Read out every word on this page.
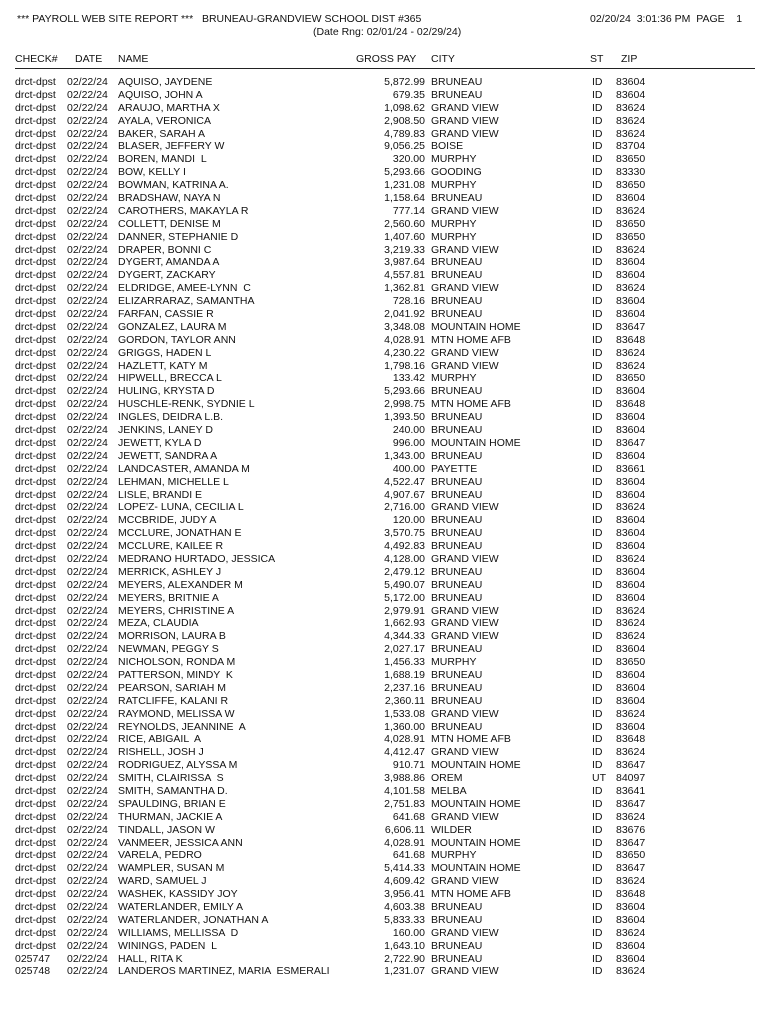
*** PAYROLL WEB SITE REPORT ***   BRUNEAU-GRANDVIEW SCHOOL DIST #365	02/20/24  3:01:36 PM  PAGE    1
(Date Rng: 02/01/24 - 02/29/24)
CHECK# DATE NAME	GROSS PAY CITY	ST ZIP
drct-dpst 02/22/24 AQUISO, JAYDENE	5,872.99 BRUNEAU	ID 83604
drct-dpst 02/22/24 AQUISO, JOHN A	679.35 BRUNEAU	ID 83604
drct-dpst 02/22/24 ARAUJO, MARTHA X	1,098.62 GRAND VIEW	ID 83624
drct-dpst 02/22/24 AYALA, VERONICA	2,908.50 GRAND VIEW	ID 83624
drct-dpst 02/22/24 BAKER, SARAH A	4,789.83 GRAND VIEW	ID 83624
drct-dpst 02/22/24 BLASER, JEFFERY W	9,056.25 BOISE	ID 83704
drct-dpst 02/22/24 BOREN, MANDI  L	320.00 MURPHY	ID 83650
drct-dpst 02/22/24 BOW, KELLY I	5,293.66 GOODING	ID 83330
drct-dpst 02/22/24 BOWMAN, KATRINA A.	1,231.08 MURPHY	ID 83650
drct-dpst 02/22/24 BRADSHAW, NAYA N	1,158.64 BRUNEAU	ID 83604
drct-dpst 02/22/24 CAROTHERS, MAKAYLA R	777.14 GRAND VIEW	ID 83624
drct-dpst 02/22/24 COLLETT, DENISE M	2,560.60 MURPHY	ID 83650
drct-dpst 02/22/24 DANNER, STEPHANIE D	1,407.60 MURPHY	ID 83650
drct-dpst 02/22/24 DRAPER, BONNI C	3,219.33 GRAND VIEW	ID 83624
drct-dpst 02/22/24 DYGERT, AMANDA A	3,987.64 BRUNEAU	ID 83604
drct-dpst 02/22/24 DYGERT, ZACKARY	4,557.81 BRUNEAU	ID 83604
drct-dpst 02/22/24 ELDRIDGE, AMEE-LYNN  C	1,362.81 GRAND VIEW	ID 83624
drct-dpst 02/22/24 ELIZARRARAZ, SAMANTHA	728.16 BRUNEAU	ID 83604
drct-dpst 02/22/24 FARFAN, CASSIE R	2,041.92 BRUNEAU	ID 83604
drct-dpst 02/22/24 GONZALEZ, LAURA M	3,348.08 MOUNTAIN HOME	ID 83647
drct-dpst 02/22/24 GORDON, TAYLOR ANN	4,028.91 MTN HOME AFB	ID 83648
drct-dpst 02/22/24 GRIGGS, HADEN L	4,230.22 GRAND VIEW	ID 83624
drct-dpst 02/22/24 HAZLETT, KATY M	1,798.16 GRAND VIEW	ID 83624
drct-dpst 02/22/24 HIPWELL, BRECCA L	133.42 MURPHY	ID 83650
drct-dpst 02/22/24 HULING, KRYSTA D	5,293.66 BRUNEAU	ID 83604
drct-dpst 02/22/24 HUSCHLE-RENK, SYDNIE L	2,998.75 MTN HOME AFB	ID 83648
drct-dpst 02/22/24 INGLES, DEIDRA L.B.	1,393.50 BRUNEAU	ID 83604
drct-dpst 02/22/24 JENKINS, LANEY D	240.00 BRUNEAU	ID 83604
drct-dpst 02/22/24 JEWETT, KYLA D	996.00 MOUNTAIN HOME	ID 83647
drct-dpst 02/22/24 JEWETT, SANDRA A	1,343.00 BRUNEAU	ID 83604
drct-dpst 02/22/24 LANDCASTER, AMANDA M	400.00 PAYETTE	ID 83661
drct-dpst 02/22/24 LEHMAN, MICHELLE L	4,522.47 BRUNEAU	ID 83604
drct-dpst 02/22/24 LISLE, BRANDI E	4,907.67 BRUNEAU	ID 83604
drct-dpst 02/22/24 LOPE'Z- LUNA, CECILIA L	2,716.00 GRAND VIEW	ID 83624
drct-dpst 02/22/24 MCCBRIDE, JUDY A	120.00 BRUNEAU	ID 83604
drct-dpst 02/22/24 MCCLURE, JONATHAN E	3,570.75 BRUNEAU	ID 83604
drct-dpst 02/22/24 MCCLURE, KAILEE R	4,492.83 BRUNEAU	ID 83604
drct-dpst 02/22/24 MEDRANO HURTADO, JESSICA	4,128.00 GRAND VIEW	ID 83624
drct-dpst 02/22/24 MERRICK, ASHLEY J	2,479.12 BRUNEAU	ID 83604
drct-dpst 02/22/24 MEYERS, ALEXANDER M	5,490.07 BRUNEAU	ID 83604
drct-dpst 02/22/24 MEYERS, BRITNIE A	5,172.00 BRUNEAU	ID 83604
drct-dpst 02/22/24 MEYERS, CHRISTINE A	2,979.91 GRAND VIEW	ID 83624
drct-dpst 02/22/24 MEZA, CLAUDIA	1,662.93 GRAND VIEW	ID 83624
drct-dpst 02/22/24 MORRISON, LAURA B	4,344.33 GRAND VIEW	ID 83624
drct-dpst 02/22/24 NEWMAN, PEGGY S	2,027.17 BRUNEAU	ID 83604
drct-dpst 02/22/24 NICHOLSON, RONDA M	1,456.33 MURPHY	ID 83650
drct-dpst 02/22/24 PATTERSON, MINDY  K	1,688.19 BRUNEAU	ID 83604
drct-dpst 02/22/24 PEARSON, SARIAH M	2,237.16 BRUNEAU	ID 83604
drct-dpst 02/22/24 RATCLIFFE, KALANI R	2,360.11 BRUNEAU	ID 83604
drct-dpst 02/22/24 RAYMOND, MELISSA W	1,533.08 GRAND VIEW	ID 83624
drct-dpst 02/22/24 REYNOLDS, JEANNINE  A	1,360.00 BRUNEAU	ID 83604
drct-dpst 02/22/24 RICE, ABIGAIL  A	4,028.91 MTN HOME AFB	ID 83648
drct-dpst 02/22/24 RISHELL, JOSH J	4,412.47 GRAND VIEW	ID 83624
drct-dpst 02/22/24 RODRIGUEZ, ALYSSA M	910.71 MOUNTAIN HOME	ID 83647
drct-dpst 02/22/24 SMITH, CLAIRISSA  S	3,988.86 OREM	UT 84097
drct-dpst 02/22/24 SMITH, SAMANTHA D.	4,101.58 MELBA	ID 83641
drct-dpst 02/22/24 SPAULDING, BRIAN E	2,751.83 MOUNTAIN HOME	ID 83647
drct-dpst 02/22/24 THURMAN, JACKIE A	641.68 GRAND VIEW	ID 83624
drct-dpst 02/22/24 TINDALL, JASON W	6,606.11 WILDER	ID 83676
drct-dpst 02/22/24 VANMEER, JESSICA ANN	4,028.91 MOUNTAIN HOME	ID 83647
drct-dpst 02/22/24 VARELA, PEDRO	641.68 MURPHY	ID 83650
drct-dpst 02/22/24 WAMPLER, SUSAN M	5,414.33 MOUNTAIN HOME	ID 83647
drct-dpst 02/22/24 WARD, SAMUEL J	4,609.42 GRAND VIEW	ID 83624
drct-dpst 02/22/24 WASHEK, KASSIDY JOY	3,956.41 MTN HOME AFB	ID 83648
drct-dpst 02/22/24 WATERLANDER, EMILY A	4,603.38 BRUNEAU	ID 83604
drct-dpst 02/22/24 WATERLANDER, JONATHAN A	5,833.33 BRUNEAU	ID 83604
drct-dpst 02/22/24 WILLIAMS, MELLISSA  D	160.00 GRAND VIEW	ID 83624
drct-dpst 02/22/24 WININGS, PADEN  L	1,643.10 BRUNEAU	ID 83604
025747 02/22/24 HALL, RITA K	2,722.90 BRUNEAU	ID 83604
025748 02/22/24 LANDEROS MARTINEZ, MARIA  ESMERALI	1,231.07 GRAND VIEW	ID 83624
